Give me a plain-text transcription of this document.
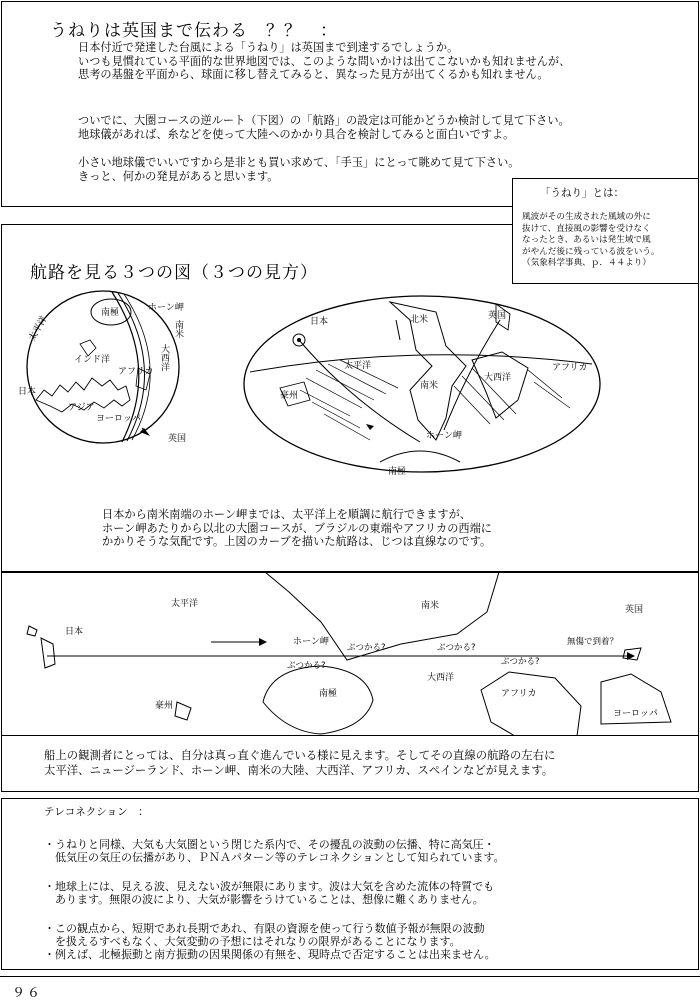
うねりは英国まで伝わる　？？　：
日本付近で発達した台風による「うねり」は英国まで到達するでしょうか。
いつも見慣れている平面的な世界地図では、このような問いかけは出てこないかも知れませんが、
思考の基盤を平面から、球面に移し替えてみると、異なった見方が出てくるかも知れません。
ついでに、大圏コースの逆ルート（下図）の「航路」の設定は可能かどうか検討して見て下さい。
地球儀があれば、糸などを使って大陸へのかかり具合を検討してみると面白いですよ。
小さい地球儀でいいですから是非とも買い求めて、「手玉」にとって眺めて見て下さい。
きっと、何かの発見があると思います。
「うねり」とは：
風波がその生成された風域の外に
抜けて、直接風の影響を受けなく
なったとき、あるいは発生域で風
がやんだ後に残っている波をいう。
（気象科学事典、ｐ．４４より）
航路を見る３つの図（３つの見方）
太平洋
南極	ホーン岬
南米
大西洋
インド洋
アフリカ
日本
アジア
ヨーロッパ
英国
北米	英国
日本
太平洋
南米
大西洋
アフリカ
豪州
ホーン岬
南極
日本から南米南端のホーン岬までは、太平洋上を順調に航行できますが、
ホーン岬あたりから以北の大圏コースが、ブラジルの東端やアフリカの西端に
かかりそうな気配です。上図のカーブを描いた航路は、じつは直線なのです。
太平洋	南米	英国
日本
ホーン岬
ぶつかる?	ぶつかる?
ぶつかる?	ぶつかる?
無傷で到着？
南極
大西洋
豪州
アフリカ
ヨーロッパ
船上の観測者にとっては、自分は真っ直ぐ進んでいる様に見えます。そしてその直線の航路の左右に
太平洋、ニュージーランド、ホーン岬、南米の大陸、大西洋、アフリカ、スペインなどが見えます。
テレコネクション　：
・うねりと同様、大気も大気圏という閉じた系内で、その擾乱の波動の伝播、特に高気圧・
　低気圧の気圧の伝播があり、ＰＮＡパターン等のテレコネクションとして知られています。
・地球上には、見える波、見えない波が無限にあります。波は大気を含めた流体の特質でも
　あります。無限の波により、大気が影響をうけていることは、想像に難くありません。
・この観点から、短期であれ長期であれ、有限の資源を使って行う数値予報が無限の波動
　を扱えるすべもなく、大気変動の予想にはそれなりの限界があることになります。
・例えば、北極振動と南方振動の因果関係の有無を、現時点で否定することは出来ません。
９６
